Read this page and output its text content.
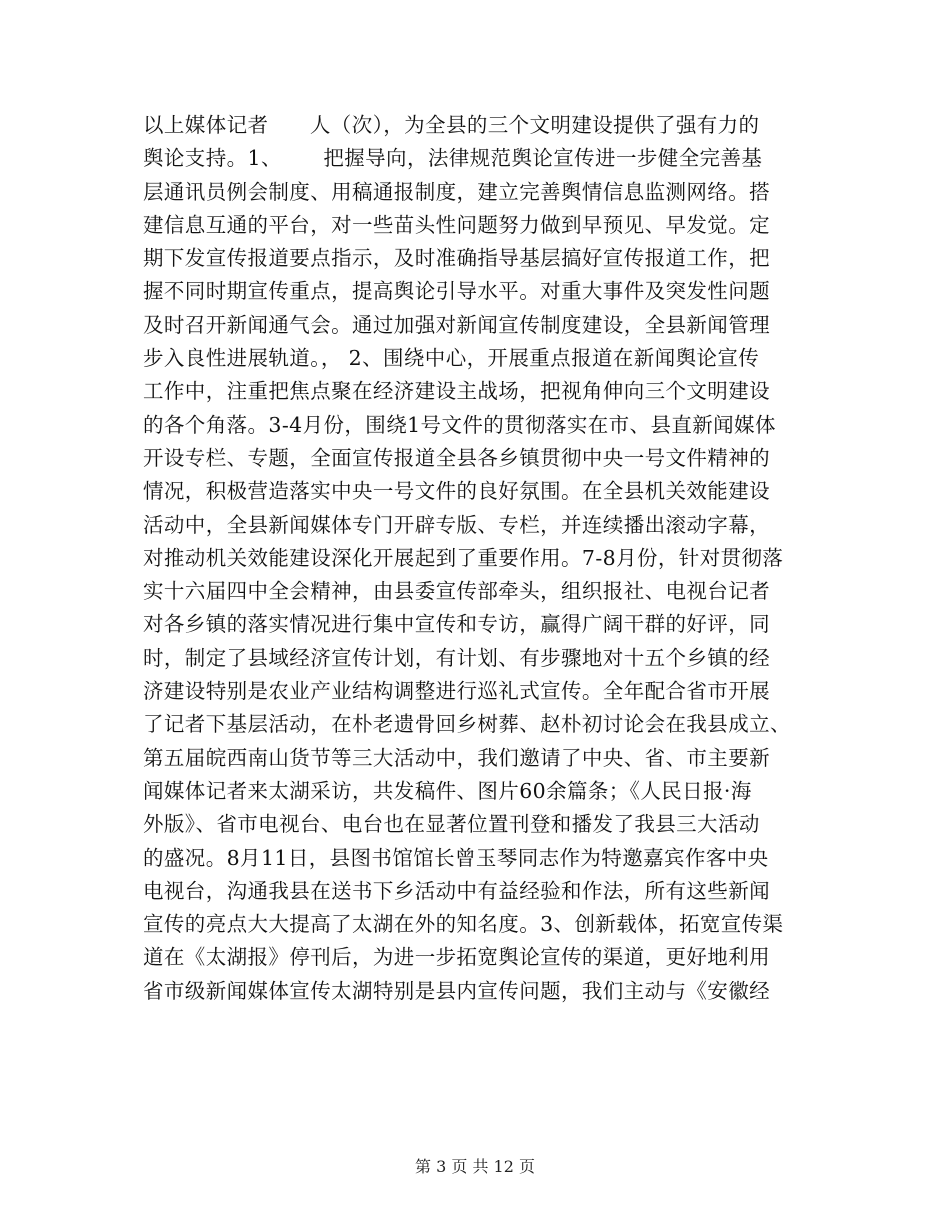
以上媒体记者      人（次），为全县的三个文明建设提供了强有力的
舆论支持。1、      把握导向，法律规范舆论宣传进一步健全完善基
层通讯员例会制度、用稿通报制度，建立完善舆情信息监测网络。搭
建信息互通的平台，对一些苗头性问题努力做到早预见、早发觉。定
期下发宣传报道要点指示，及时准确指导基层搞好宣传报道工作，把
握不同时期宣传重点，提高舆论引导水平。对重大事件及突发性问题
及时召开新闻通气会。通过加强对新闻宣传制度建设，全县新闻管理
步入良性进展轨道。， 2、围绕中心，开展重点报道在新闻舆论宣传
工作中，注重把焦点聚在经济建设主战场，把视角伸向三个文明建设
的各个角落。3-4月份，围绕1号文件的贯彻落实在市、县直新闻媒体
开设专栏、专题，全面宣传报道全县各乡镇贯彻中央一号文件精神的
情况，积极营造落实中央一号文件的良好氛围。在全县机关效能建设
活动中，全县新闻媒体专门开辟专版、专栏，并连续播出滚动字幕，
对推动机关效能建设深化开展起到了重要作用。7-8月份，针对贯彻落
实十六届四中全会精神，由县委宣传部牵头，组织报社、电视台记者
对各乡镇的落实情况进行集中宣传和专访，赢得广阔干群的好评，同
时，制定了县域经济宣传计划，有计划、有步骤地对十五个乡镇的经
济建设特别是农业产业结构调整进行巡礼式宣传。全年配合省市开展
了记者下基层活动，在朴老遗骨回乡树葬、赵朴初讨论会在我县成立、
第五届皖西南山货节等三大活动中，我们邀请了中央、省、市主要新
闻媒体记者来太湖采访，共发稿件、图片60余篇条；《人民日报·海
外版》、省市电视台、电台也在显著位置刊登和播发了我县三大活动
的盛况。8月11日，县图书馆馆长曾玉琴同志作为特邀嘉宾作客中央
电视台，沟通我县在送书下乡活动中有益经验和作法，所有这些新闻
宣传的亮点大大提高了太湖在外的知名度。3、创新载体，拓宽宣传渠
道在《太湖报》停刊后，为进一步拓宽舆论宣传的渠道，更好地利用
省市级新闻媒体宣传太湖特别是县内宣传问题，我们主动与《安徽经
第 3 页 共 12 页
